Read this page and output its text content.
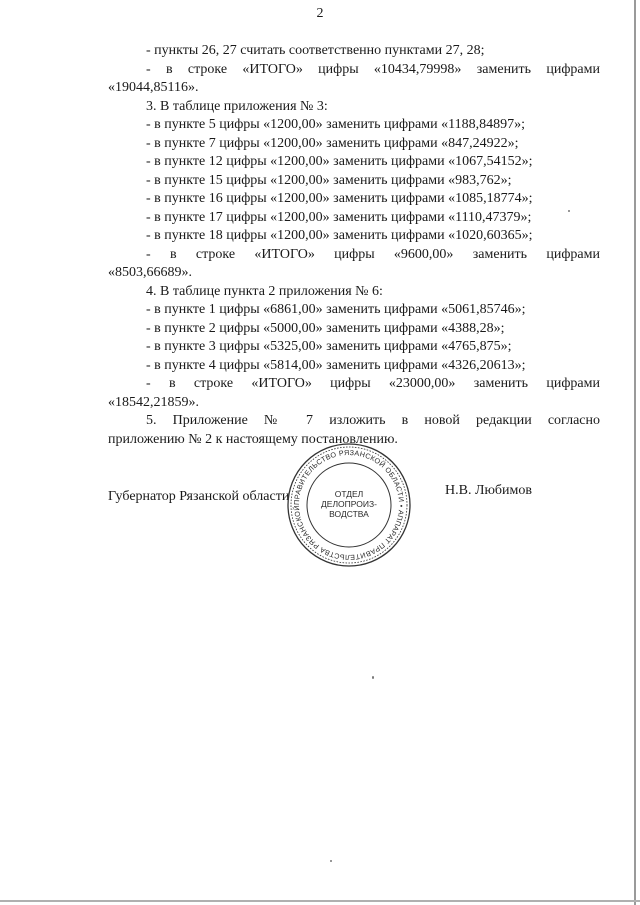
2
- пункты 26, 27 считать соответственно пунктами 27, 28;
- в строке «ИТОГО» цифры «10434,79998» заменить цифрами
«19044,85116».
3. В таблице приложения № 3:
- в пункте 5 цифры «1200,00» заменить цифрами «1188,84897»;
- в пункте 7 цифры «1200,00» заменить цифрами «847,24922»;
- в пункте 12 цифры «1200,00» заменить цифрами «1067,54152»;
- в пункте 15 цифры «1200,00» заменить цифрами «983,762»;
- в пункте 16 цифры «1200,00» заменить цифрами «1085,18774»;
- в пункте 17 цифры «1200,00» заменить цифрами «1110,47379»;
- в пункте 18 цифры «1200,00» заменить цифрами «1020,60365»;
- в строке «ИТОГО» цифры «9600,00» заменить цифрами
«8503,66689».
4. В таблице пункта 2 приложения № 6:
- в пункте 1 цифры «6861,00» заменить цифрами «5061,85746»;
- в пункте 2 цифры «5000,00» заменить цифрами «4388,28»;
- в пункте 3 цифры «5325,00» заменить цифрами «4765,875»;
- в пункте 4 цифры «5814,00» заменить цифрами «4326,20613»;
- в строке «ИТОГО» цифры «23000,00» заменить цифрами
«18542,21859».
5. Приложение № 7 изложить в новой редакции согласно
приложению № 2 к настоящему постановлению.
Губернатор Рязанской области	Н.В. Любимов
ПРАВИТЕЛЬСТВО РЯЗАНСКОЙ ОБЛАСТИ • АППАРАТ ПРАВИТЕЛЬСТВА РЯЗАНСКОЙ
ОТДЕЛ
ДЕЛОПРОИЗ-
ВОДСТВА
